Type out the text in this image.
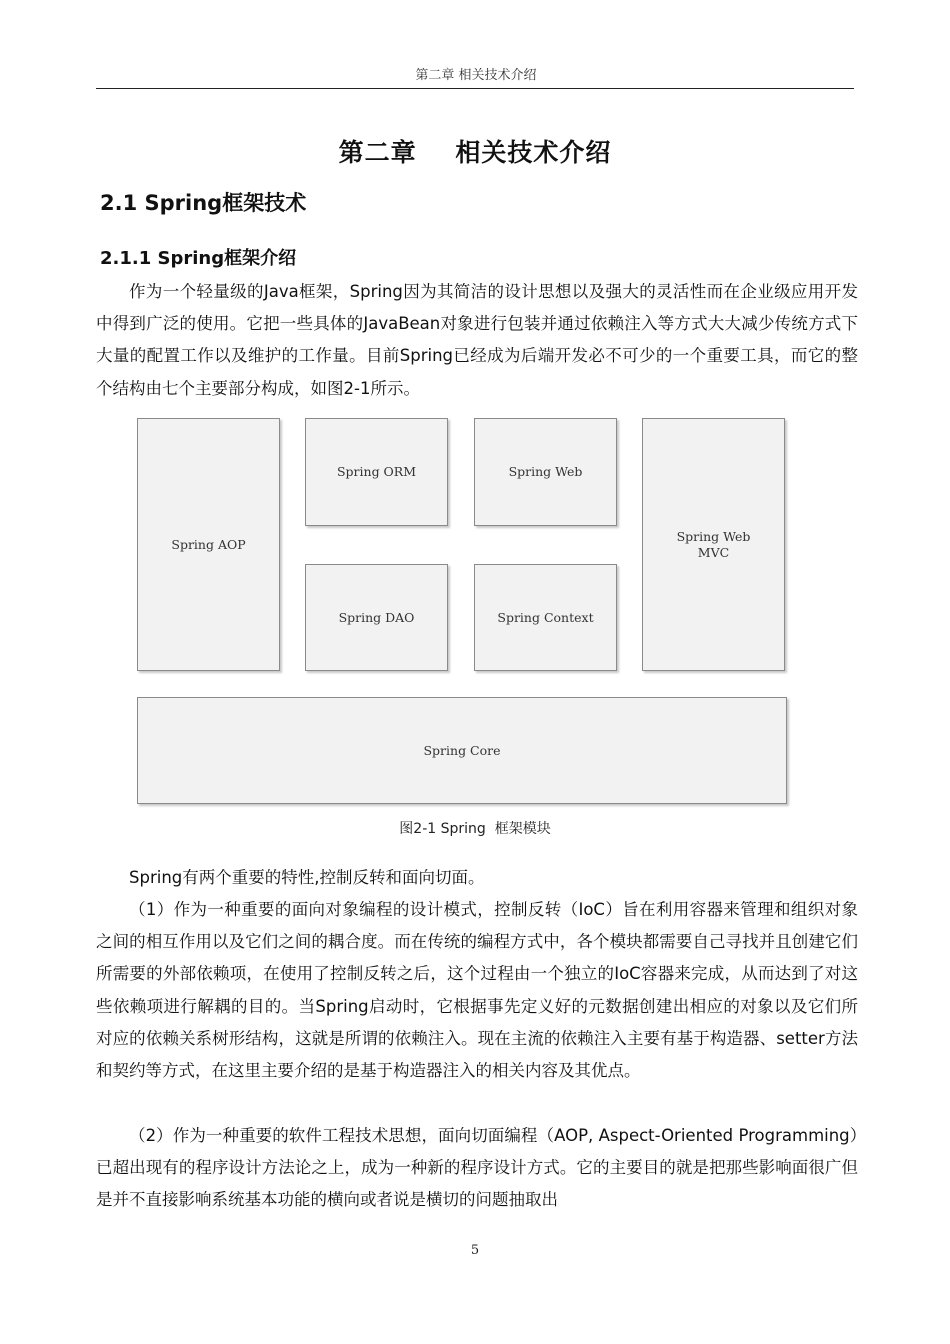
第二章 相关技术介绍
第二章    相关技术介绍
2.1 Spring框架技术
2.1.1 Spring框架介绍

作为一个轻量级的Java框架，Spring因为其简洁的设计思想以及强大的灵活性而在企业级应用开发中得到广泛的使用。它把一些具体的JavaBean对象进行包装并通过依赖注入等方式大大减少传统方式下大量的配置工作以及维护的工作量。目前Spring已经成为后端开发必不可少的一个重要工具，而它的整个结构由七个主要部分构成，如图2-1所示。

Spring AOP
Spring ORM	Spring Web
Spring Web
MVC
Spring DAO	Spring Context
Spring Core
图2-1 Spring  框架模块

Spring有两个重要的特性,控制反转和面向切面。

（1）作为一种重要的面向对象编程的设计模式，控制反转（IoC）旨在利用容器来管理和组织对象之间的相互作用以及它们之间的耦合度。而在传统的编程方式中，各个模块都需要自己寻找并且创建它们所需要的外部依赖项，在使用了控制反转之后，这个过程由一个独立的IoC容器来完成，从而达到了对这些依赖项进行解耦的目的。当Spring启动时，它根据事先定义好的元数据创建出相应的对象以及它们所对应的依赖关系树形结构，这就是所谓的依赖注入。现在主流的依赖注入主要有基于构造器、setter方法和契约等方式，在这里主要介绍的是基于构造器注入的相关内容及其优点。

（2）作为一种重要的软件工程技术思想，面向切面编程（AOP, Aspect-Oriented Programming）已超出现有的程序设计方法论之上，成为一种新的程序设计方式。它的主要目的就是把那些影响面很广但是并不直接影响系统基本功能的横向或者说是横切的问题抽取出

5
